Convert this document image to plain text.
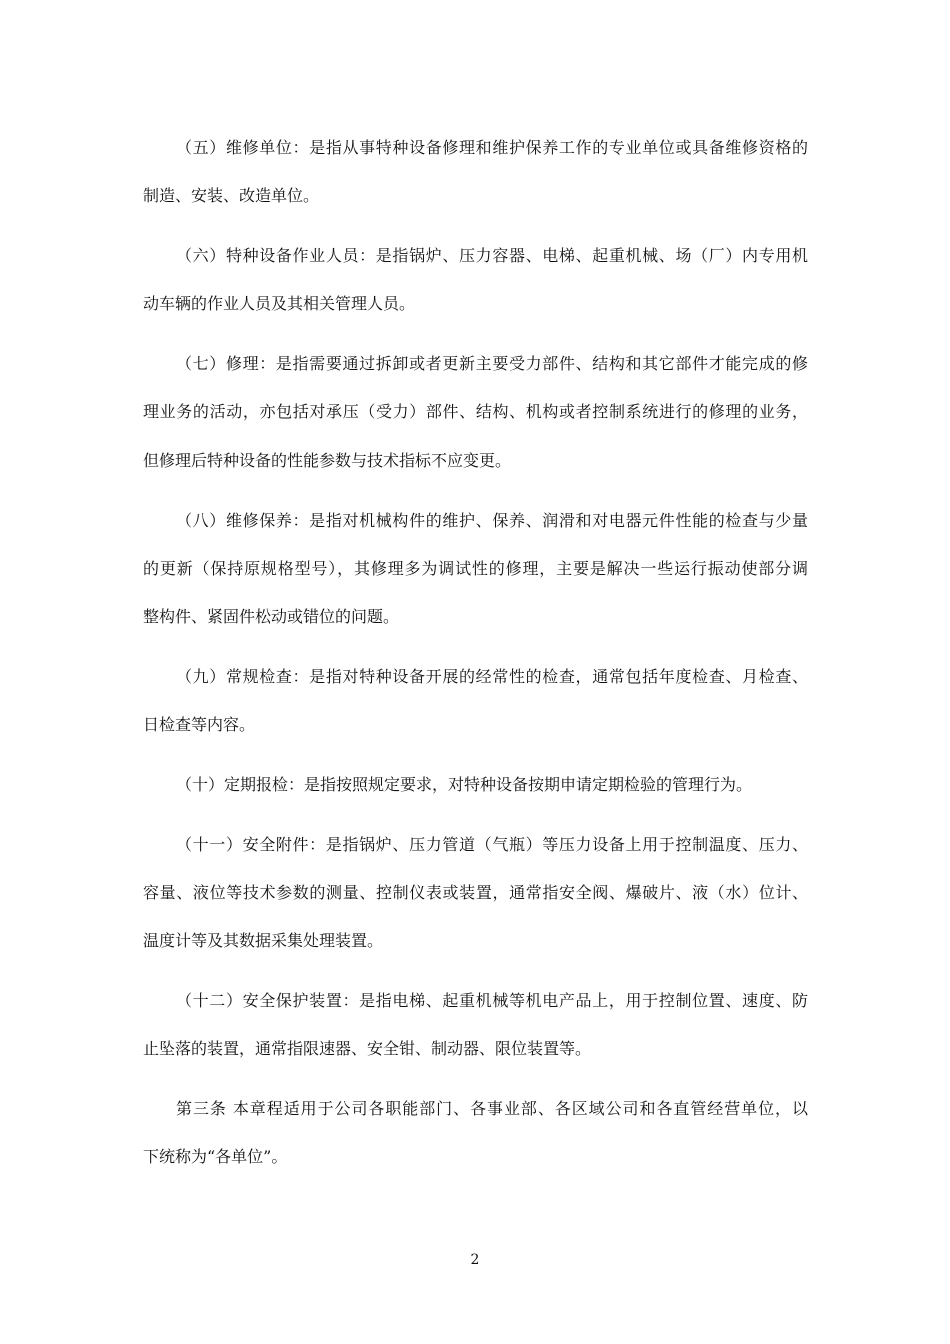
（五）维修单位：是指从事特种设备修理和维护保养工作的专业单位或具备维修资格的
制造、安装、改造单位。
（六）特种设备作业人员：是指锅炉、压力容器、电梯、起重机械、场（厂）内专用机
动车辆的作业人员及其相关管理人员。
（七）修理：是指需要通过拆卸或者更新主要受力部件、结构和其它部件才能完成的修
理业务的活动，亦包括对承压（受力）部件、结构、机构或者控制系统进行的修理的业务，
但修理后特种设备的性能参数与技术指标不应变更。
（八）维修保养：是指对机械构件的维护、保养、润滑和对电器元件性能的检查与少量
的更新（保持原规格型号），其修理多为调试性的修理，主要是解决一些运行振动使部分调
整构件、紧固件松动或错位的问题。
（九）常规检查：是指对特种设备开展的经常性的检查，通常包括年度检查、月检查、
日检查等内容。
（十）定期报检：是指按照规定要求，对特种设备按期申请定期检验的管理行为。
（十一）安全附件：是指锅炉、压力管道（气瓶）等压力设备上用于控制温度、压力、
容量、液位等技术参数的测量、控制仪表或装置，通常指安全阀、爆破片、液（水）位计、
温度计等及其数据采集处理装置。
（十二）安全保护装置：是指电梯、起重机械等机电产品上，用于控制位置、速度、防
止坠落的装置，通常指限速器、安全钳、制动器、限位装置等。
第三条 本章程适用于公司各职能部门、各事业部、各区域公司和各直管经营单位，以
下统称为“各单位”。
2
